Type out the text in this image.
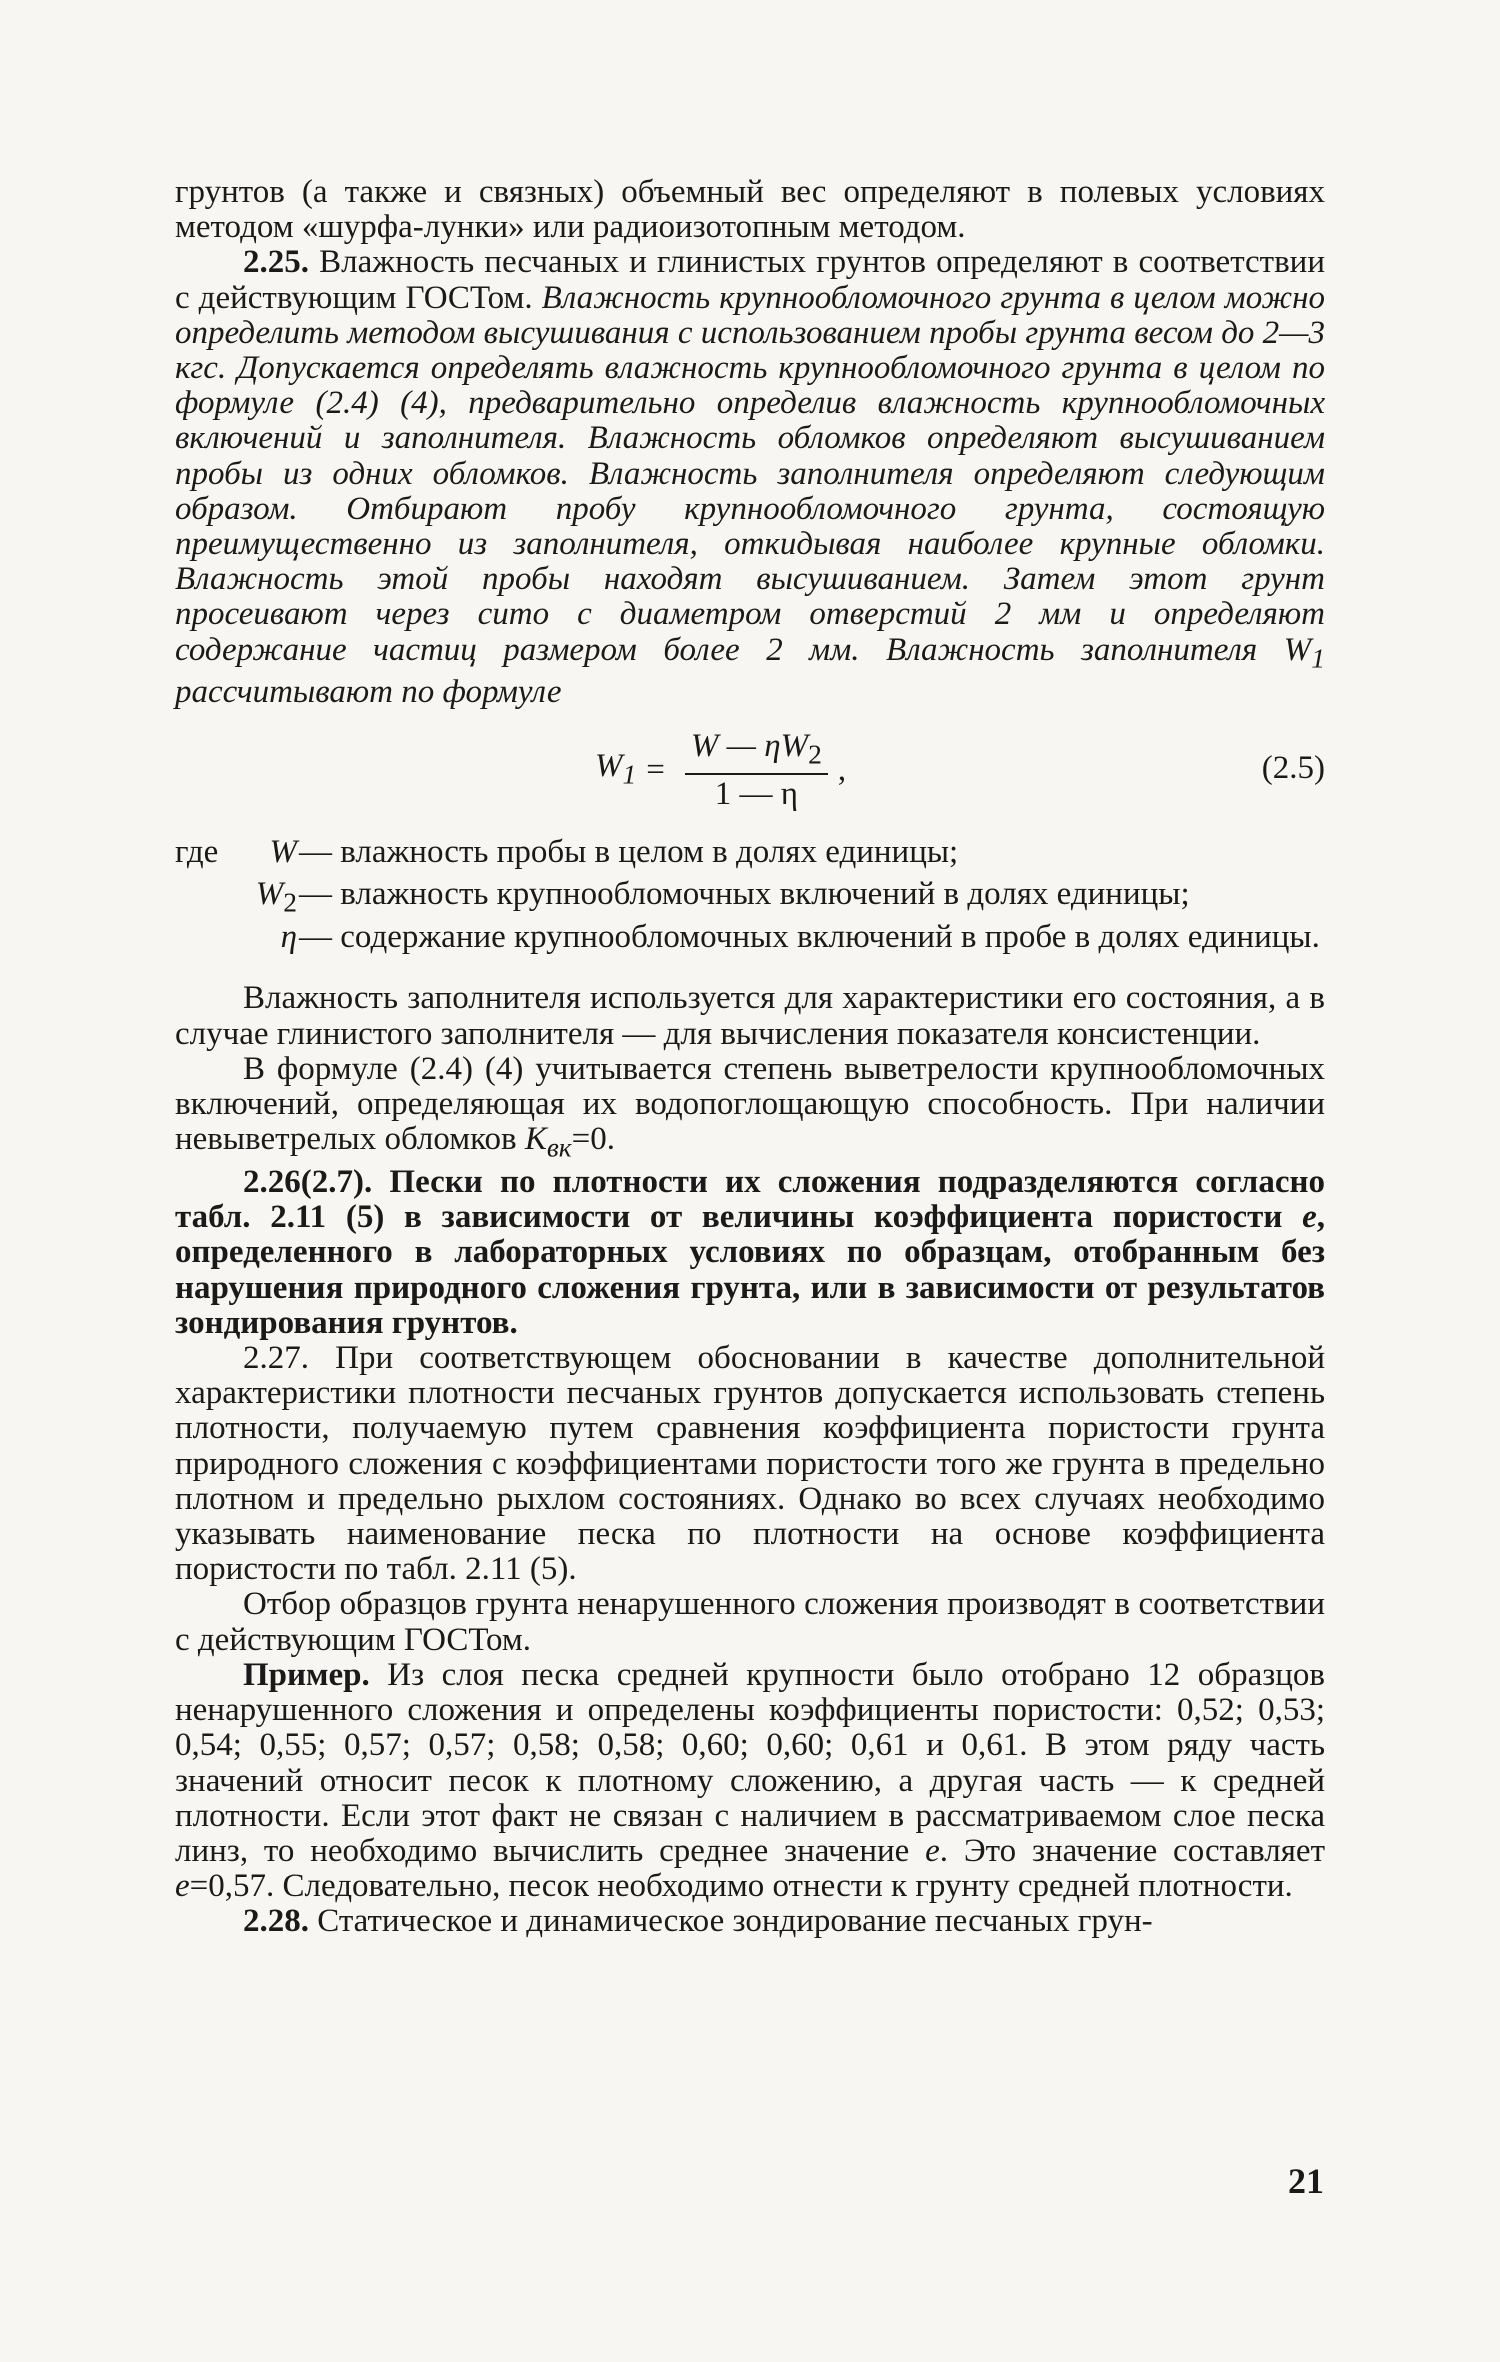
грунтов (а также и связных) объемный вес определяют в полевых условиях методом «шурфа-лунки» или радиоизотопным методом.

2.25. Влажность песчаных и глинистых грунтов определяют в соответствии с действующим ГОСТом. Влажность крупнообломочного грунта в целом можно определить методом высушивания с использованием пробы грунта весом до 2—3 кгс. Допускается определять влажность крупнообломочного грунта в целом по формуле (2.4) (4), предварительно определив влажность крупнообломочных включений и заполнителя. Влажность обломков определяют высушиванием пробы из одних обломков. Влажность заполнителя определяют следующим образом. Отбирают пробу крупнообломочного грунта, состоящую преимущественно из заполнителя, откидывая наиболее крупные обломки. Влажность этой пробы находят высушиванием. Затем этот грунт просеивают через сито с диаметром отверстий 2 мм и определяют содержание частиц размером более 2 мм. Влажность заполнителя $W_1$ рассчитывают по формуле

$W_1 = \frac{W — \eta W_2}{1 — \eta}$ ,	(2.5)
где	W — влажность пробы в целом в долях единицы;
$W_2$ — влажность крупнообломочных включений в долях единицы;
η — содержание крупнообломочных включений в пробе в долях единицы.

Влажность заполнителя используется для характеристики его состояния, а в случае глинистого заполнителя — для вычисления показателя консистенции.

В формуле (2.4) (4) учитывается степень выветрелости крупнообломочных включений, определяющая их водопоглощающую способность. При наличии невыветрелых обломков $K_{вк}=0$.

2.26(2.7). Пески по плотности их сложения подразделяются согласно табл. 2.11 (5) в зависимости от величины коэффициента пористости e, определенного в лабораторных условиях по образцам, отобранным без нарушения природного сложения грунта, или в зависимости от результатов зондирования грунтов.

2.27. При соответствующем обосновании в качестве дополнительной характеристики плотности песчаных грунтов допускается использовать степень плотности, получаемую путем сравнения коэффициента пористости грунта природного сложения с коэффициентами пористости того же грунта в предельно плотном и предельно рыхлом состояниях. Однако во всех случаях необходимо указывать наименование песка по плотности на основе коэффициента пористости по табл. 2.11 (5).

Отбор образцов грунта ненарушенного сложения производят в соответствии с действующим ГОСТом.

Пример. Из слоя песка средней крупности было отобрано 12 образцов ненарушенного сложения и определены коэффициенты пористости: 0,52; 0,53; 0,54; 0,55; 0,57; 0,57; 0,58; 0,58; 0,60; 0,60; 0,61 и 0,61. В этом ряду часть значений относит песок к плотному сложению, а другая часть — к средней плотности. Если этот факт не связан с наличием в рассматриваемом слое песка линз, то необходимо вычислить среднее значение e. Это значение составляет e=0,57. Следовательно, песок необходимо отнести к грунту средней плотности.

2.28. Статическое и динамическое зондирование песчаных грун-

21
